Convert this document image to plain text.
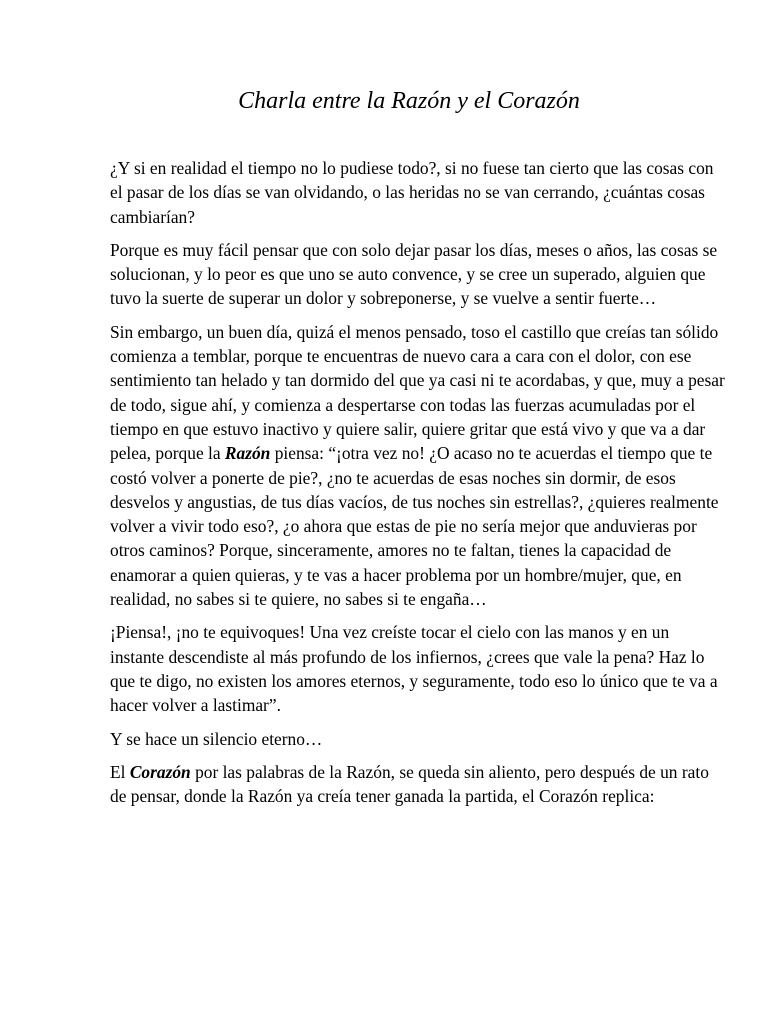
Charla entre la Razón y el Corazón

¿Y si en realidad el tiempo no lo pudiese todo?, si no fuese tan cierto que las cosas con el pasar de los días se van olvidando, o las heridas no se van cerrando, ¿cuántas cosas cambiarían?

Porque es muy fácil pensar que con solo dejar pasar los días, meses o años, las cosas se solucionan, y lo peor es que uno se auto convence, y se cree un superado, alguien que tuvo la suerte de superar un dolor y sobreponerse, y se vuelve a sentir fuerte…

Sin embargo, un buen día, quizá el menos pensado, toso el castillo que creías tan sólido comienza a temblar, porque te encuentras de nuevo cara a cara con el dolor, con ese sentimiento tan helado y tan dormido del que ya casi ni te acordabas, y que, muy a pesar de todo, sigue ahí, y comienza a despertarse con todas las fuerzas acumuladas por el tiempo en que estuvo inactivo y quiere salir, quiere gritar que está vivo y que va a dar pelea, porque la Razón piensa: “¡otra vez no! ¿O acaso no te acuerdas el tiempo que te costó volver a ponerte de pie?, ¿no te acuerdas de esas noches sin dormir, de esos desvelos y angustias, de tus días vacíos, de tus noches sin estrellas?, ¿quieres realmente volver a vivir todo eso?, ¿o ahora que estas de pie no sería mejor que anduvieras por otros caminos? Porque, sinceramente, amores no te faltan, tienes la capacidad de enamorar a quien quieras, y te vas a hacer problema por un hombre/mujer, que, en realidad, no sabes si te quiere, no sabes si te engaña…

¡Piensa!, ¡no te equivoques! Una vez creíste tocar el cielo con las manos y en un instante descendiste al más profundo de los infiernos, ¿crees que vale la pena? Haz lo que te digo, no existen los amores eternos, y seguramente, todo eso lo único que te va a hacer volver a lastimar”.

Y se hace un silencio eterno…

El Corazón por las palabras de la Razón, se queda sin aliento, pero después de un rato de pensar, donde la Razón ya creía tener ganada la partida, el Corazón replica:
